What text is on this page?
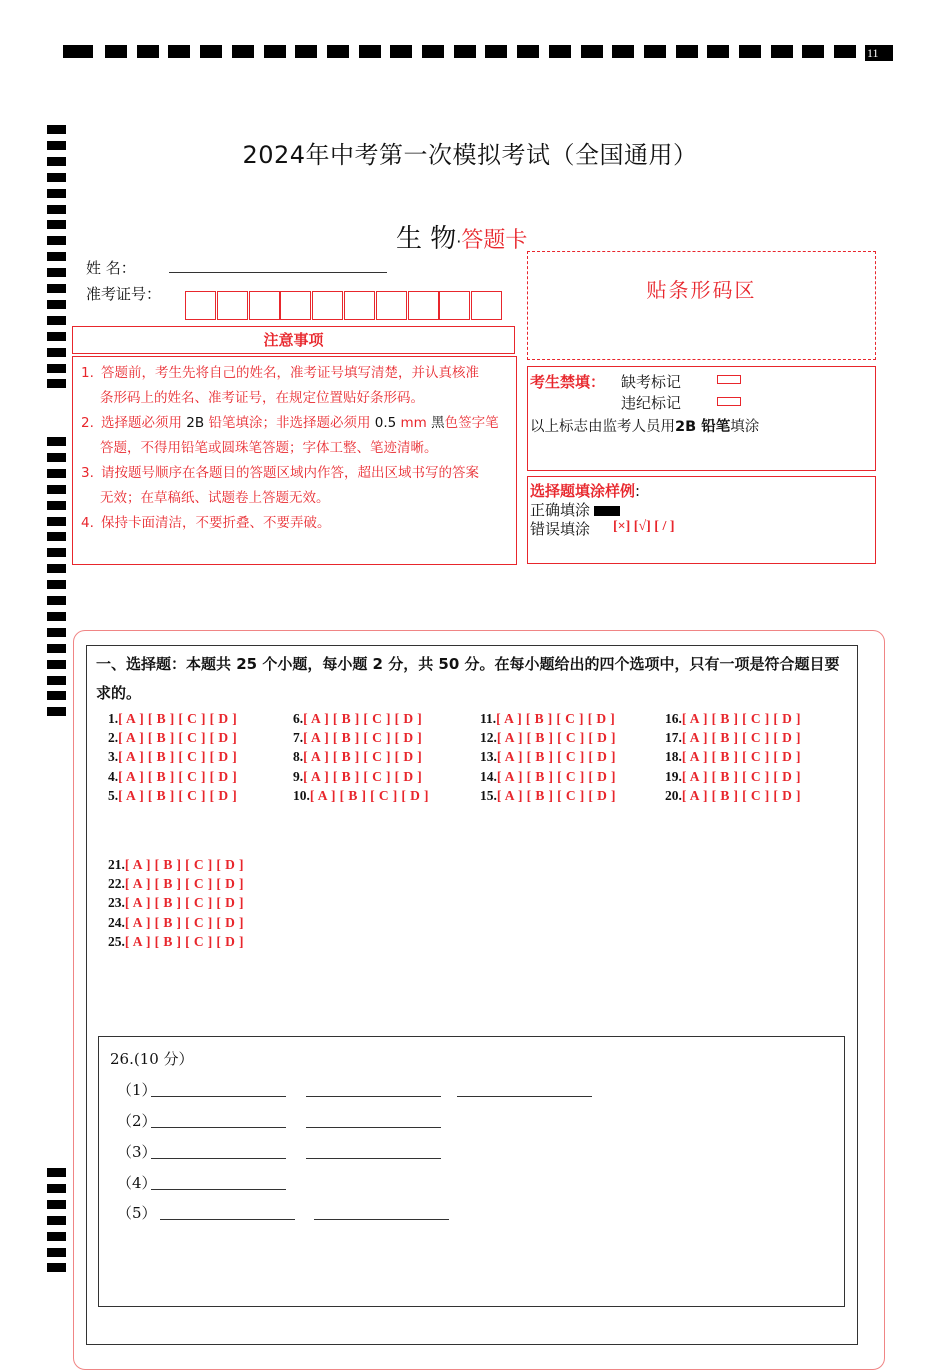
11
2024年中考第一次模拟考试（全国通用）
生 物·答题卡
姓 名：
准考证号：
注意事项
1. 答题前，考生先将自己的姓名，准考证号填写清楚，并认真核准
条形码上的姓名、准考证号，在规定位置贴好条形码。
2. 选择题必须用 2B 铅笔填涂；非选择题必须用 0.5 mm 黑色签字笔
答题，不得用铅笔或圆珠笔答题；字体工整、笔迹清晰。
3. 请按题号顺序在各题目的答题区域内作答，超出区域书写的答案
无效；在草稿纸、试题卷上答题无效。
4. 保持卡面清洁，不要折叠、不要弄破。
贴条形码区
考生禁填： 缺考标记
违纪标记
以上标志由监考人员用2B 铅笔填涂
选择题填涂样例:
正确填涂
错误填涂 [×] [√] [ / ]
一、选择题：本题共 25 个小题，每小题 2 分，共 50 分。在每小题给出的四个选项中，只有一项是符合题目要求的。
1.[ A ] [ B ] [ C ] [ D ]
2.[ A ] [ B ] [ C ] [ D ]
3.[ A ] [ B ] [ C ] [ D ]
4.[ A ] [ B ] [ C ] [ D ]
5.[ A ] [ B ] [ C ] [ D ]
6.[ A ] [ B ] [ C ] [ D ]
7.[ A ] [ B ] [ C ] [ D ]
8.[ A ] [ B ] [ C ] [ D ]
9.[ A ] [ B ] [ C ] [ D ]
10.[ A ] [ B ] [ C ] [ D ]
11.[ A ] [ B ] [ C ] [ D ]
12.[ A ] [ B ] [ C ] [ D ]
13.[ A ] [ B ] [ C ] [ D ]
14.[ A ] [ B ] [ C ] [ D ]
15.[ A ] [ B ] [ C ] [ D ]
16.[ A ] [ B ] [ C ] [ D ]
17.[ A ] [ B ] [ C ] [ D ]
18.[ A ] [ B ] [ C ] [ D ]
19.[ A ] [ B ] [ C ] [ D ]
20.[ A ] [ B ] [ C ] [ D ]
21.[ A ] [ B ] [ C ] [ D ]
22.[ A ] [ B ] [ C ] [ D ]
23.[ A ] [ B ] [ C ] [ D ]
24.[ A ] [ B ] [ C ] [ D ]
25.[ A ] [ B ] [ C ] [ D ]
26.(10 分）
（1）
（2）
（3）
（4）
（5）
